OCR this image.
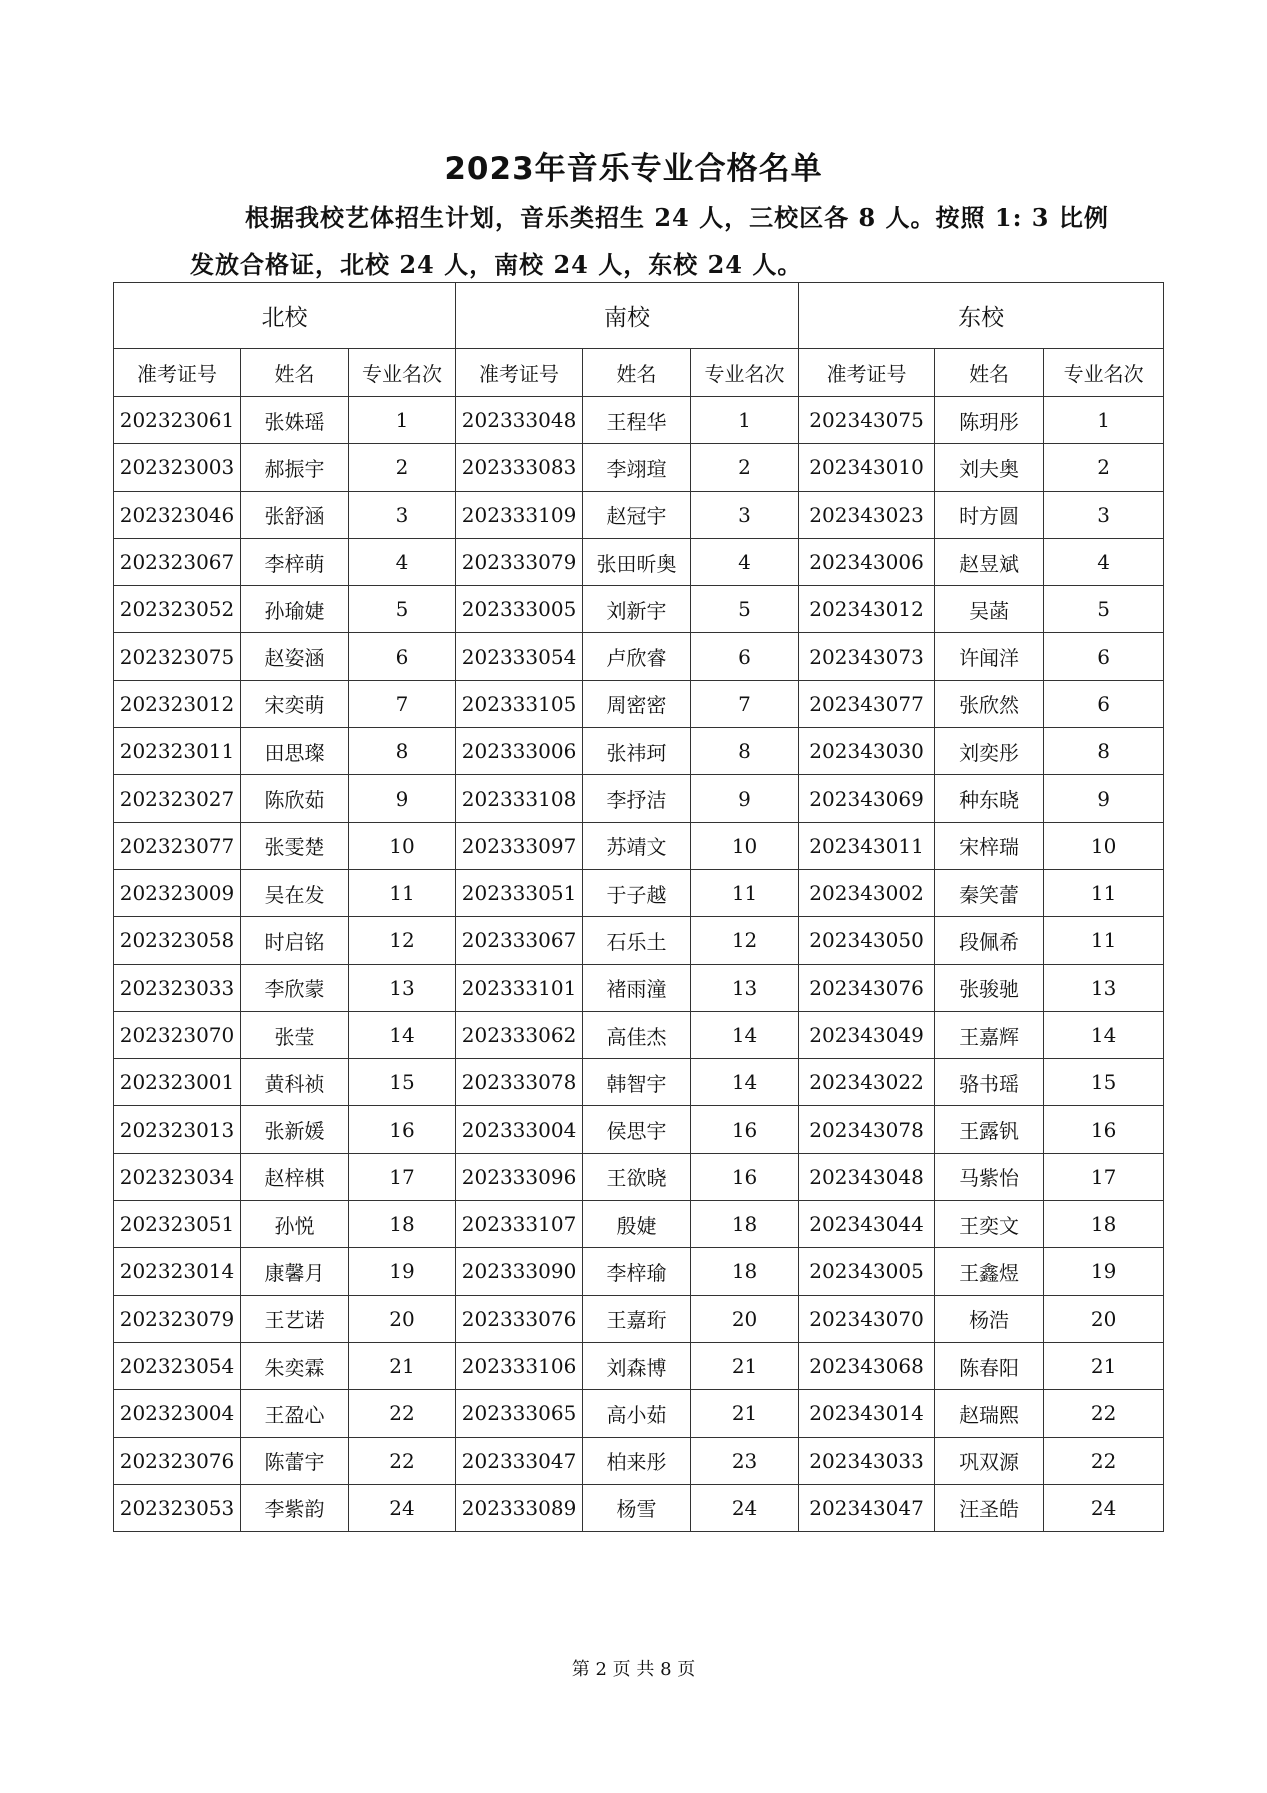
2023年音乐专业合格名单
根据我校艺体招生计划，音乐类招生 24 人，三校区各 8 人。按照 1: 3 比例
发放合格证，北校 24 人，南校 24 人，东校 24 人。
北校			南校			东校		
准考证号	姓名	专业名次	准考证号	姓名	专业名次	准考证号	姓名	专业名次
202323061	张姝瑶	1	202333048	王程华	1	202343075	陈玥彤	1
202323003	郝振宇	2	202333083	李翊瑄	2	202343010	刘夫奥	2
202323046	张舒涵	3	202333109	赵冠宇	3	202343023	时方圆	3
202323067	李梓萌	4	202333079	张田昕奥	4	202343006	赵昱斌	4
202323052	孙瑜婕	5	202333005	刘新宇	5	202343012	吴菡	5
202323075	赵姿涵	6	202333054	卢欣睿	6	202343073	许闻洋	6
202323012	宋奕萌	7	202333105	周密密	7	202343077	张欣然	6
202323011	田思璨	8	202333006	张祎珂	8	202343030	刘奕彤	8
202323027	陈欣茹	9	202333108	李抒洁	9	202343069	种东晓	9
202323077	张雯楚	10	202333097	苏靖文	10	202343011	宋梓瑞	10
202323009	吴在发	11	202333051	于子越	11	202343002	秦笑蕾	11
202323058	时启铭	12	202333067	石乐土	12	202343050	段佩希	11
202323033	李欣蒙	13	202333101	褚雨潼	13	202343076	张骏驰	13
202323070	张莹	14	202333062	高佳杰	14	202343049	王嘉辉	14
202323001	黄科祯	15	202333078	韩智宇	14	202343022	骆书瑶	15
202323013	张新媛	16	202333004	侯思宇	16	202343078	王露钒	16
202323034	赵梓棋	17	202333096	王欲晓	16	202343048	马紫怡	17
202323051	孙悦	18	202333107	殷婕	18	202343044	王奕文	18
202323014	康馨月	19	202333090	李梓瑜	18	202343005	王鑫煜	19
202323079	王艺诺	20	202333076	王嘉珩	20	202343070	杨浩	20
202323054	朱奕霖	21	202333106	刘森博	21	202343068	陈春阳	21
202323004	王盈心	22	202333065	高小茹	21	202343014	赵瑞熙	22
202323076	陈蕾宇	22	202333047	柏来彤	23	202343033	巩双源	22
202323053	李紫韵	24	202333089	杨雪	24	202343047	汪圣皓	24
第 2 页 共 8 页
